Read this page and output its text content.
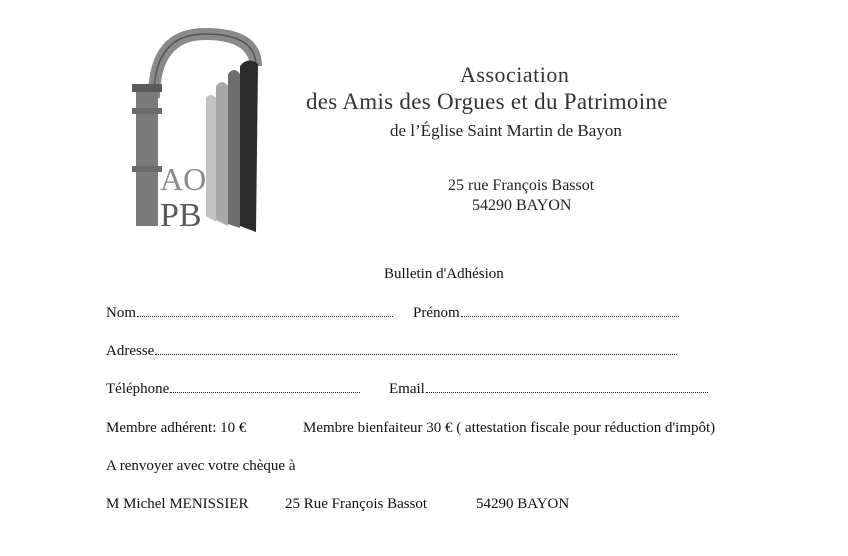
AO
PB
Association
des Amis des Orgues et du Patrimoine
de l’Église Saint Martin de Bayon
25 rue François Bassot
54290 BAYON
Bulletin d'Adhésion
Nom	Prénom
Adresse
Téléphone	Email
Membre adhérent: 10 €	Membre bienfaiteur 30 € ( attestation fiscale pour réduction d'impôt)
A renvoyer avec votre chèque à
M Michel MENISSIER 25 Rue François Bassot	54290 BAYON
